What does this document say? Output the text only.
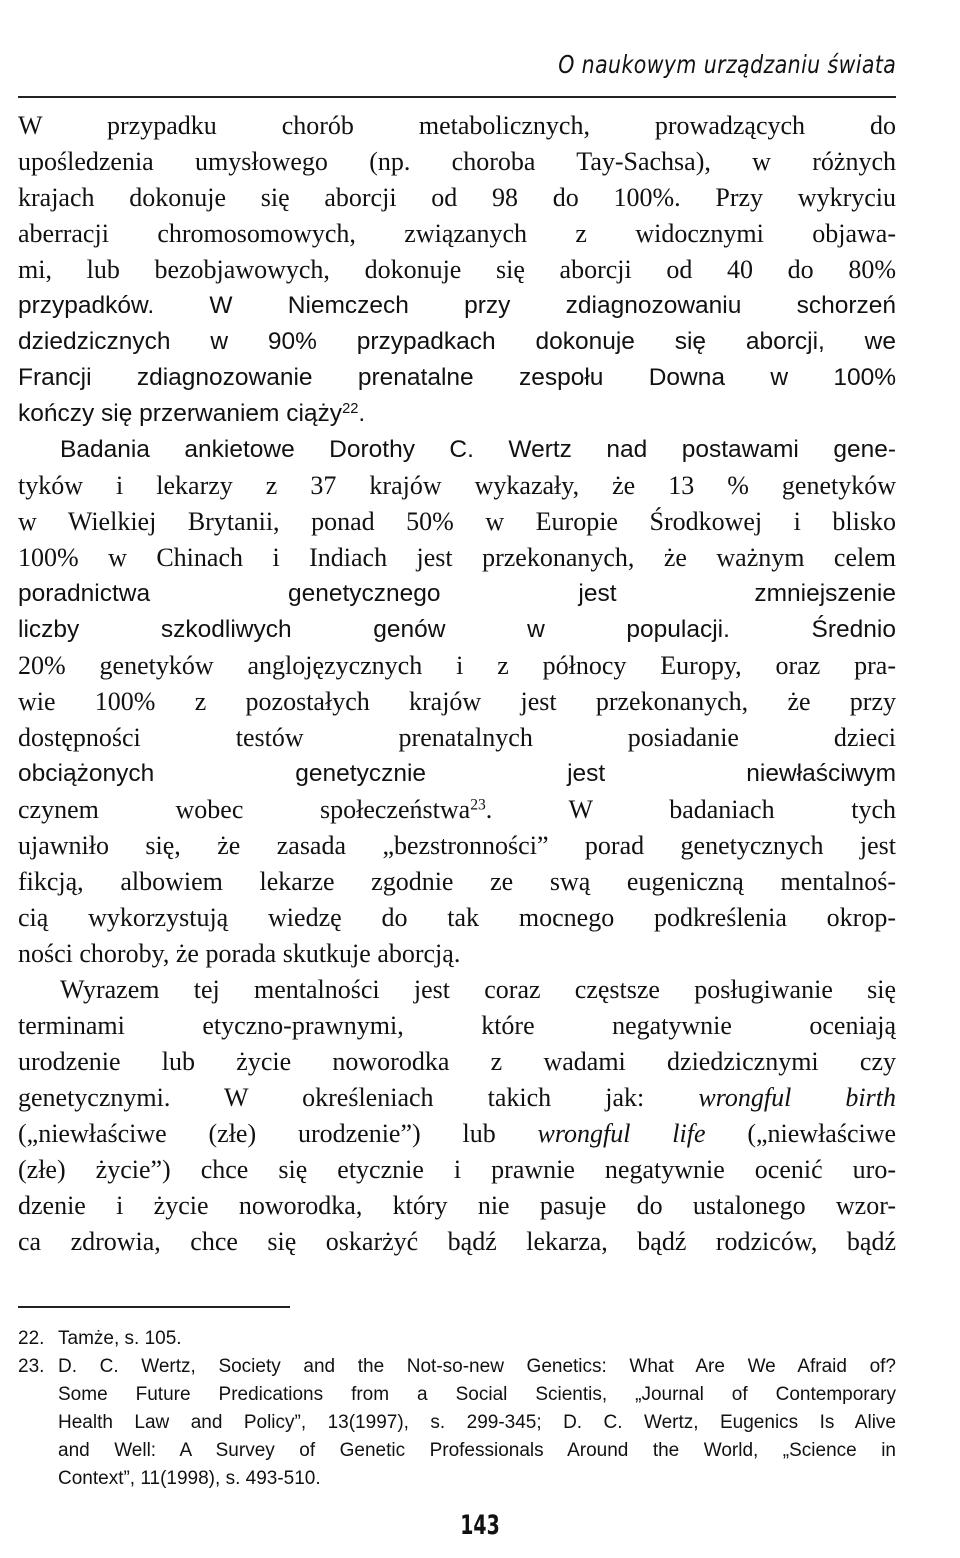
O naukowym urządzaniu świata
W przypadku chorób metabolicznych, prowadzących do
upośledzenia umysłowego (np. choroba Tay-Sachsa), w różnych
krajach dokonuje się aborcji od 98 do 100%. Przy wykryciu
aberracji chromosomowych, związanych z widocznymi objawa-
mi, lub bezobjawowych, dokonuje się aborcji od 40 do 80%
przypadków. W Niemczech przy zdiagnozowaniu schorzeń
dziedzicznych w 90% przypadkach dokonuje się aborcji, we
Francji zdiagnozowanie prenatalne zespołu Downa w 100%
kończy się przerwaniem ciąży$^{22}$.
Badania ankietowe Dorothy C. Wertz nad postawami gene-
tyków i lekarzy z 37 krajów wykazały, że 13 % genetyków
w Wielkiej Brytanii, ponad 50% w Europie Środkowej i blisko
100% w Chinach i Indiach jest przekonanych, że ważnym celem
poradnictwa genetycznego jest zmniejszenie
liczby szkodliwych genów w populacji. Średnio
20% genetyków anglojęzycznych i z północy Europy, oraz pra-
wie 100% z pozostałych krajów jest przekonanych, że przy
dostępności testów prenatalnych posiadanie dzieci
obciążonych genetycznie jest niewłaściwym
czynem wobec społeczeństwa$^{23}$. W badaniach tych
ujawniło się, że zasada „bezstronności” porad genetycznych jest
fikcją, albowiem lekarze zgodnie ze swą eugeniczną mentalnoś-
cią wykorzystują wiedzę do tak mocnego podkreślenia okrop-
ności choroby, że porada skutkuje aborcją.
Wyrazem tej mentalności jest coraz częstsze posługiwanie się
terminami etyczno-prawnymi, które negatywnie oceniają
urodzenie lub życie noworodka z wadami dziedzicznymi czy
genetycznymi. W określeniach takich jak: wrongful birth
(„niewłaściwe (złe) urodzenie”) lub wrongful life („niewłaściwe
(złe) życie”) chce się etycznie i prawnie negatywnie ocenić uro-
dzenie i życie noworodka, który nie pasuje do ustalonego wzor-
ca zdrowia, chce się oskarżyć bądź lekarza, bądź rodziców, bądź
22. Tamże, s. 105.
23. D. C. Wertz, Society and the Not-so-new Genetics: What Are We Afraid of?
Some Future Predications from a Social Scientis, „Journal of Contemporary
Health Law and Policy”, 13(1997), s. 299-345; D. C. Wertz, Eugenics Is Alive
and Well: A Survey of Genetic Professionals Around the World, „Science in
Context”, 11(1998), s. 493-510.
143
